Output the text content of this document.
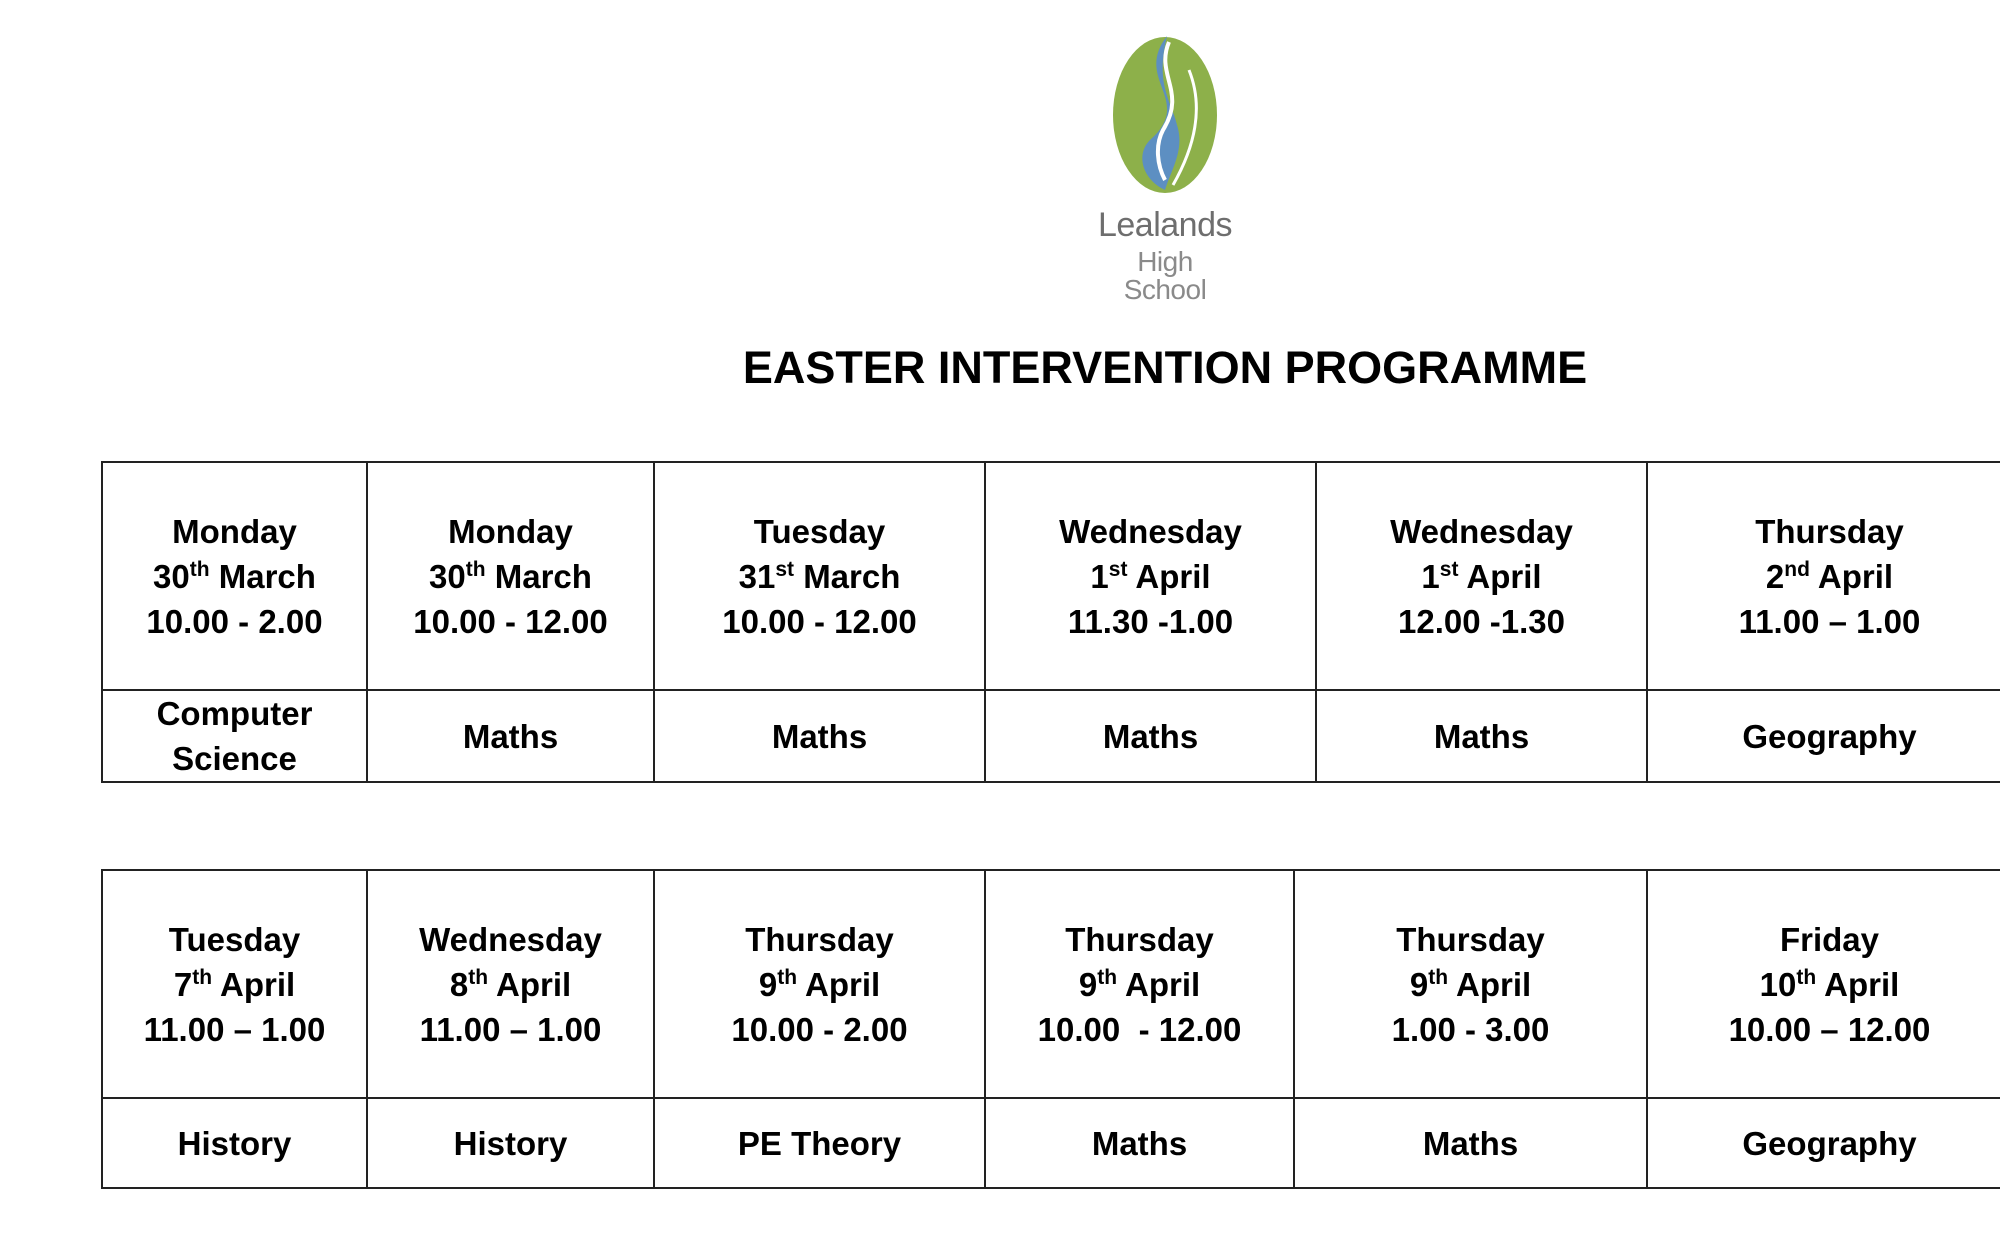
Lealands
High School
EASTER INTERVENTION PROGRAMME
Monday
30th March
10.00 - 2.00	Monday
30th March
10.00 - 12.00	Tuesday
31st March
10.00 - 12.00	Wednesday
1st April
11.30 -1.00	Wednesday
1st April
12.00 -1.30	Thursday
2nd April
11.00 – 1.00
Computer Science	Maths	Maths	Maths	Maths	Geography
Tuesday
7th April
11.00 – 1.00	Wednesday
8th April
11.00 – 1.00	Thursday
9th April
10.00 - 2.00	Thursday
9th April
10.00  - 12.00	Thursday
9th April
1.00 - 3.00	Friday
10th April
10.00 – 12.00
History	History	PE Theory	Maths	Maths	Geography
